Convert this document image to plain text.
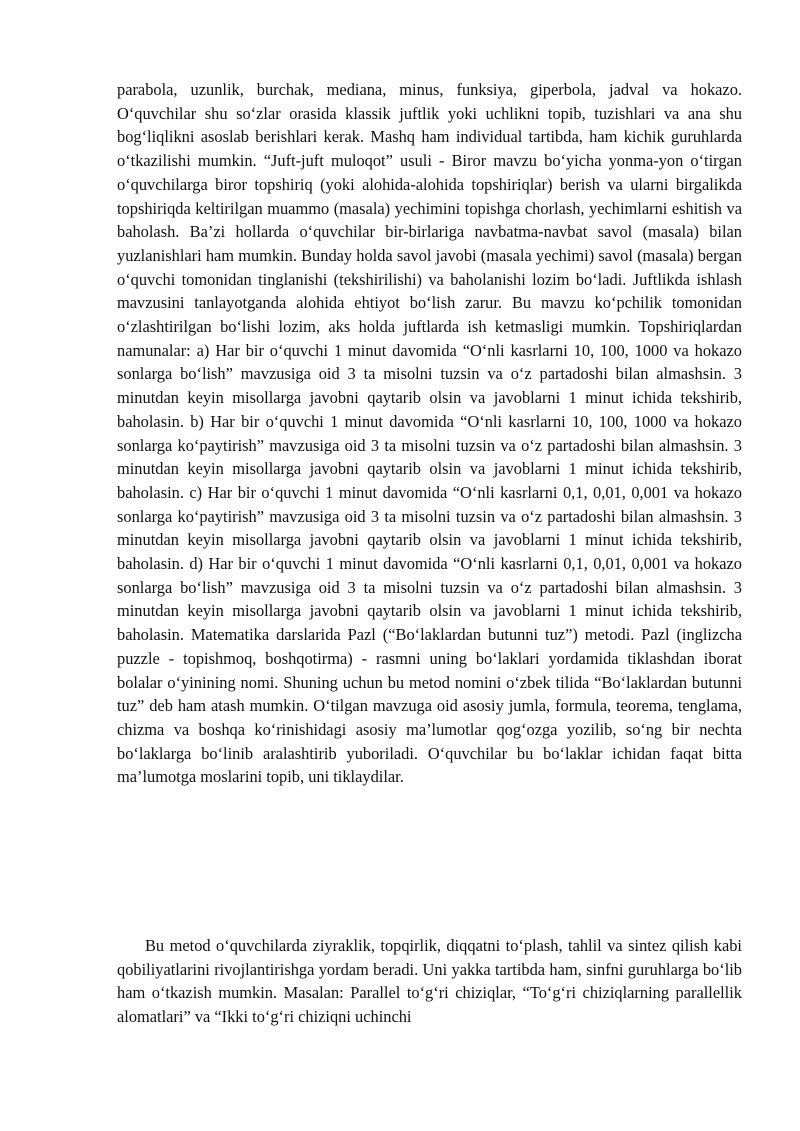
parabola, uzunlik, burchak, mediana, minus, funksiya, giperbola, jadval va hokazo. O‘quvchilar shu so‘zlar orasida klassik juftlik yoki uchlikni topib, tuzishlari va ana shu bog‘liqlikni asoslab berishlari kerak. Mashq ham individual tartibda, ham kichik guruhlarda o‘tkazilishi mumkin. “Juft-juft muloqot” usuli - Biror mavzu bo‘yicha yonma-yon o‘tirgan o‘quvchilarga biror topshiriq (yoki alohida-alohida topshiriqlar) berish va ularni birgalikda topshiriqda keltirilgan muammo (masala) yechimini topishga chorlash, yechimlarni eshitish va baholash. Ba’zi hollarda o‘quvchilar bir-birlariga navbatma-navbat savol (masala) bilan yuzlanishlari ham mumkin. Bunday holda savol javobi (masala yechimi) savol (masala) bergan o‘quvchi tomonidan tinglanishi (tekshirilishi) va baholanishi lozim bo‘ladi. Juftlikda ishlash mavzusini tanlayotganda alohida ehtiyot bo‘lish zarur. Bu mavzu ko‘pchilik tomonidan o‘zlashtirilgan bo‘lishi lozim, aks holda juftlarda ish ketmasligi mumkin. Topshiriqlardan namunalar: a) Har bir o‘quvchi 1 minut davomida “O‘nli kasrlarni 10, 100, 1000 va hokazo sonlarga bo‘lish” mavzusiga oid 3 ta misolni tuzsin va o‘z partadoshi bilan almashsin. 3 minutdan keyin misollarga javobni qaytarib olsin va javoblarni 1 minut ichida tekshirib, baholasin. b) Har bir o‘quvchi 1 minut davomida “O‘nli kasrlarni 10, 100, 1000 va hokazo sonlarga ko‘paytirish” mavzusiga oid 3 ta misolni tuzsin va o‘z partadoshi bilan almashsin. 3 minutdan keyin misollarga javobni qaytarib olsin va javoblarni 1 minut ichida tekshirib, baholasin. c) Har bir o‘quvchi 1 minut davomida “O‘nli kasrlarni 0,1, 0,01, 0,001 va hokazo sonlarga ko‘paytirish” mavzusiga oid 3 ta misolni tuzsin va o‘z partadoshi bilan almashsin. 3 minutdan keyin misollarga javobni qaytarib olsin va javoblarni 1 minut ichida tekshirib, baholasin. d) Har bir o‘quvchi 1 minut davomida “O‘nli kasrlarni 0,1, 0,01, 0,001 va hokazo sonlarga bo‘lish” mavzusiga oid 3 ta misolni tuzsin va o‘z partadoshi bilan almashsin. 3 minutdan keyin misollarga javobni qaytarib olsin va javoblarni 1 minut ichida tekshirib, baholasin. Matematika darslarida Pazl (“Bo‘laklardan butunni tuz”) metodi. Pazl (inglizcha puzzle - topishmoq, boshqotirma) - rasmni uning bo‘laklari yordamida tiklashdan iborat bolalar o‘yinining nomi. Shuning uchun bu metod nomini o‘zbek tilida “Bo‘laklardan butunni tuz” deb ham atash mumkin. O‘tilgan mavzuga oid asosiy jumla, formula, teorema, tenglama, chizma va boshqa ko‘rinishidagi asosiy ma’lumotlar qog‘ozga yozilib, so‘ng bir nechta bo‘laklarga bo‘linib aralashtirib yuboriladi. O‘quvchilar bu bo‘laklar ichidan faqat bitta ma’lumotga moslarini topib, uni tiklaydilar.

Bu metod o‘quvchilarda ziyraklik, topqirlik, diqqatni to‘plash, tahlil va sintez qilish kabi qobiliyatlarini rivojlantirishga yordam beradi. Uni yakka tartibda ham, sinfni guruhlarga bo‘lib ham o‘tkazish mumkin. Masalan: Parallel to‘g‘ri chiziqlar, “To‘g‘ri chiziqlarning parallellik alomatlari” va “Ikki to‘g‘ri chiziqni uchinchi
